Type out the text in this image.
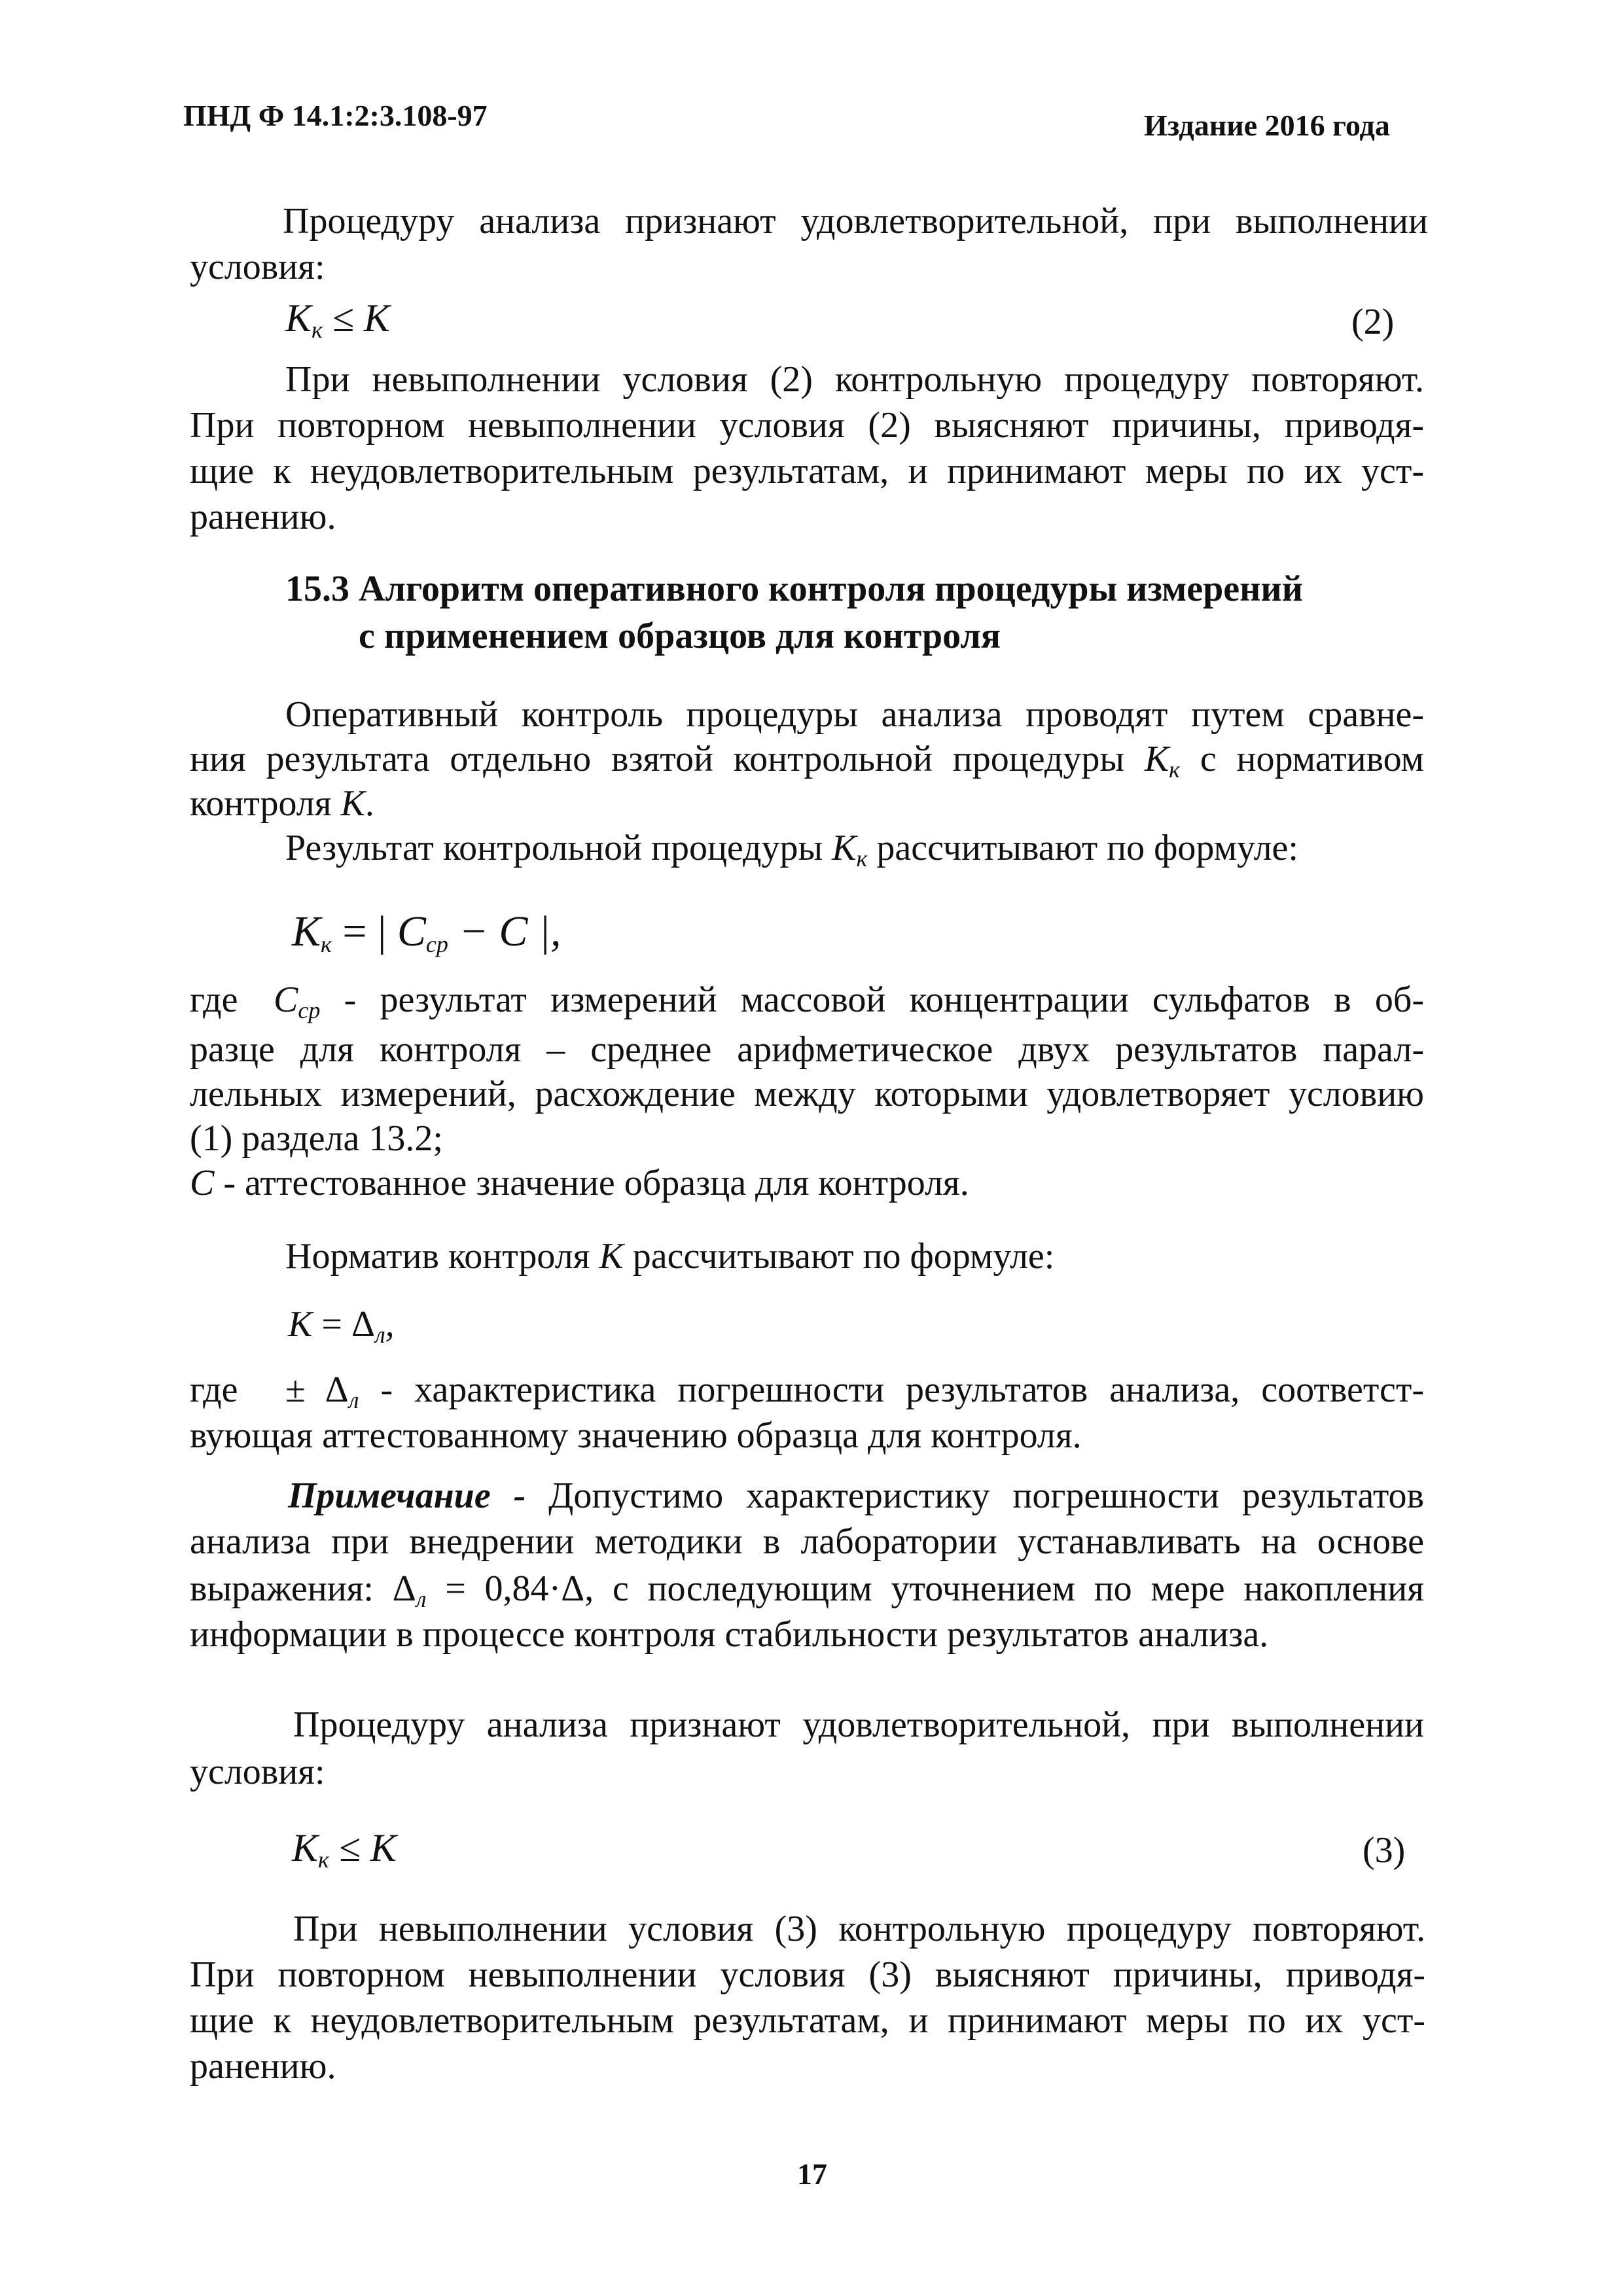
ПНД Ф 14.1:2:3.108-97	Издание 2016 года
Процедуру анализа признают удовлетворительной, при выполнении
условия:
$K_к \le K$	(2)
При невыполнении условия (2) контрольную процедуру повторяют.
При повторном невыполнении условия (2) выясняют причины, приводя-
щие к неудовлетворительным результатам, и принимают меры по их уст-
ранению.
15.3 Алгоритм оперативного контроля процедуры измерений
с применением образцов для контроля
Оперативный контроль процедуры анализа проводят путем сравне-
ния результата отдельно взятой контрольной процедуры $K_к$ с нормативом
контроля K.
Результат контрольной процедуры $K_к$ рассчитывают по формуле:
$K_к$ = | $C_{ср} - C$ |,
где $C_{ср}$ - результат измерений массовой концентрации сульфатов в об-
разце для контроля – среднее арифметическое двух результатов парал-
лельных измерений, расхождение между которыми удовлетворяет условию
(1) раздела 13.2;
C - аттестованное значение образца для контроля.
Норматив контроля K рассчитывают по формуле:
$K = \Delta_л$,
где ± $\Delta_л$ - характеристика погрешности результатов анализа, соответст-
вующая аттестованному значению образца для контроля.
Примечание - Допустимо характеристику погрешности результатов
анализа при внедрении методики в лаборатории устанавливать на основе
выражения: $\Delta_л = 0,84\cdot\Delta$, с последующим уточнением по мере накопления
информации в процессе контроля стабильности результатов анализа.
Процедуру анализа признают удовлетворительной, при выполнении
условия:
$K_к \le K$	(3)
При невыполнении условия (3) контрольную процедуру повторяют.
При повторном невыполнении условия (3) выясняют причины, приводя-
щие к неудовлетворительным результатам, и принимают меры по их уст-
ранению.
17
